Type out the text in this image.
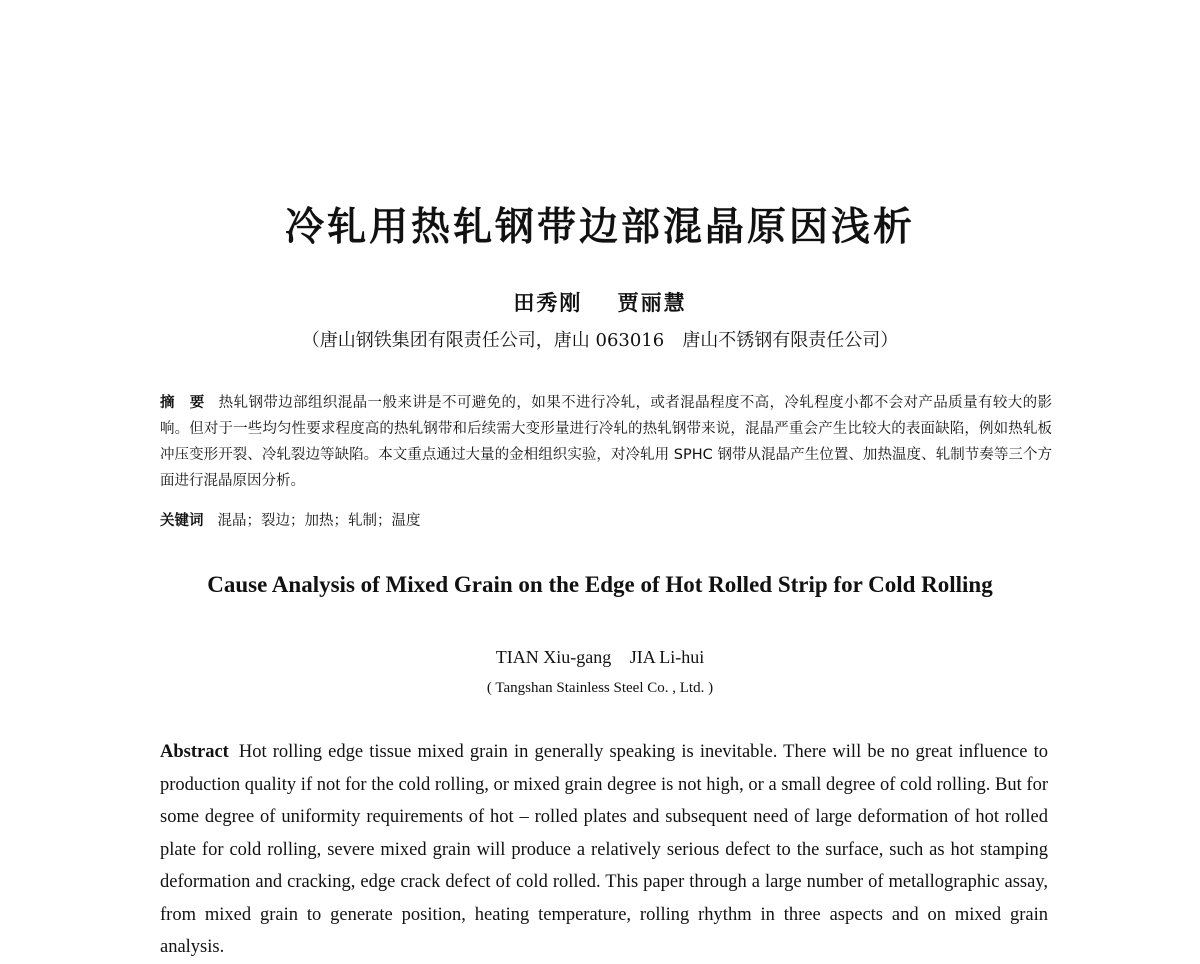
冷轧用热轧钢带边部混晶原因浅析
田秀刚 贾丽慧
（唐山钢铁集团有限责任公司，唐山 063016　唐山不锈钢有限责任公司）
摘　要 热轧钢带边部组织混晶一般来讲是不可避免的，如果不进行冷轧，或者混晶程度不高，冷轧程度小都不会对产品质量有较大的影响。但对于一些均匀性要求程度高的热轧钢带和后续需大变形量进行冷轧的热轧钢带来说，混晶严重会产生比较大的表面缺陷，例如热轧板冲压变形开裂、冷轧裂边等缺陷。本文重点通过大量的金相组织实验，对冷轧用 SPHC 钢带从混晶产生位置、加热温度、轧制节奏等三个方面进行混晶原因分析。
关键词 混晶；裂边；加热；轧制；温度
Cause Analysis of Mixed Grain on the Edge of Hot Rolled Strip for Cold Rolling
TIAN Xiu-gang JIA Li-hui
( Tangshan Stainless Steel Co. , Ltd. )
Abstract Hot rolling edge tissue mixed grain in generally speaking is inevitable. There will be no great influence to production quality if not for the cold rolling, or mixed grain degree is not high, or a small degree of cold rolling. But for some degree of uniformity requirements of hot – rolled plates and subsequent need of large deformation of hot rolled plate for cold rolling, severe mixed grain will produce a relatively serious defect to the surface, such as hot stamping deformation and cracking, edge crack defect of cold rolled. This paper through a large number of metallographic assay, from mixed grain to generate position, heating temperature, rolling rhythm in three aspects and on mixed grain analysis.
